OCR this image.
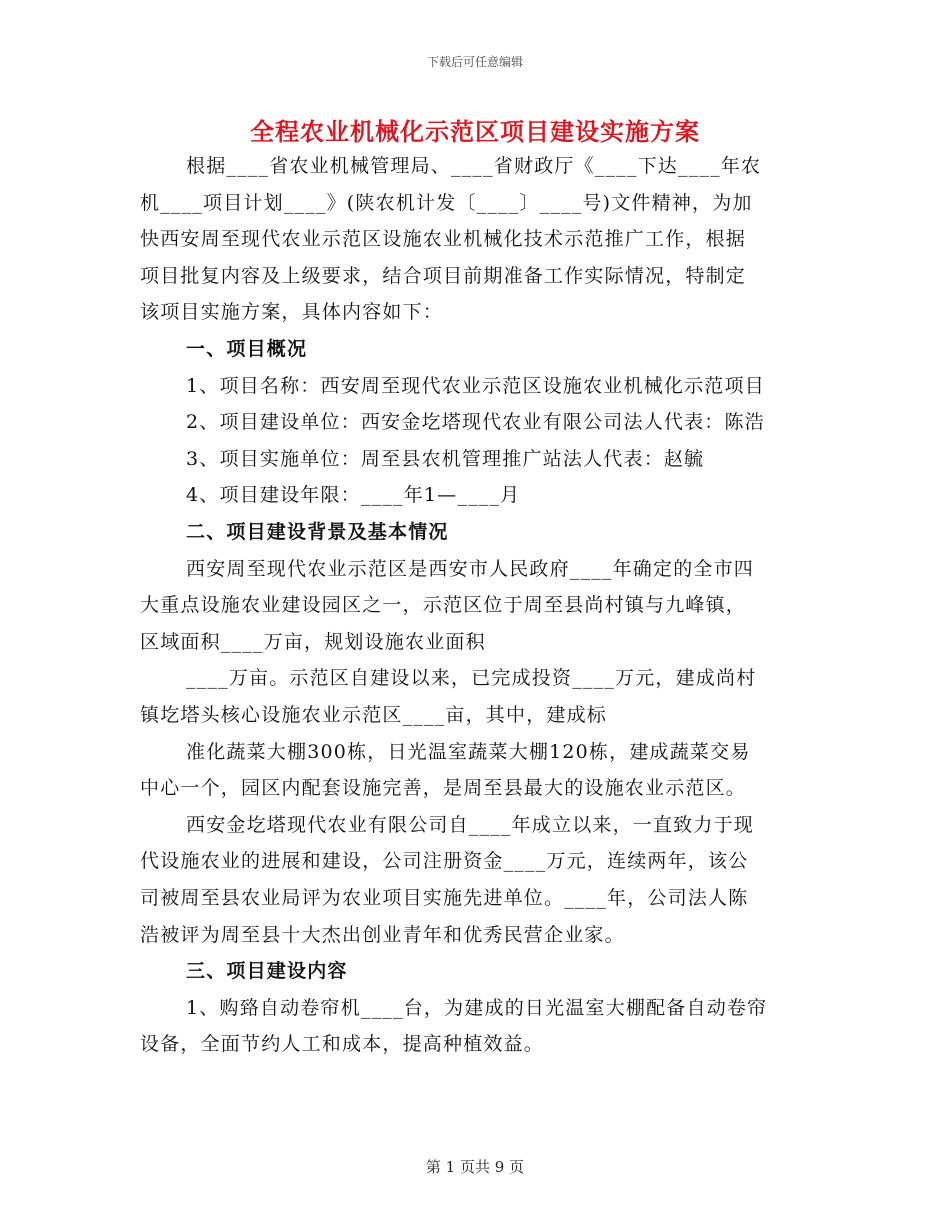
下载后可任意编辑
全程农业机械化示范区项目建设实施方案
根据____省农业机械管理局、____省财政厅《____下达____年农
机____项目计划____》(陕农机计发〔____〕____号)文件精神，为加
快西安周至现代农业示范区设施农业机械化技术示范推广工作，根据
项目批复内容及上级要求，结合项目前期准备工作实际情况，特制定
该项目实施方案，具体内容如下：
一、项目概况
1、项目名称：西安周至现代农业示范区设施农业机械化示范项目
2、项目建设单位：西安金圪塔现代农业有限公司法人代表：陈浩
3、项目实施单位：周至县农机管理推广站法人代表：赵毓
4、项目建设年限：____年1—____月
二、项目建设背景及基本情况
西安周至现代农业示范区是西安市人民政府____年确定的全市四
大重点设施农业建设园区之一，示范区位于周至县尚村镇与九峰镇，
区域面积____万亩，规划设施农业面积
____万亩。示范区自建设以来，已完成投资____万元，建成尚村
镇圪塔头核心设施农业示范区____亩，其中，建成标
准化蔬菜大棚300栋，日光温室蔬菜大棚120栋，建成蔬菜交易
中心一个，园区内配套设施完善，是周至县最大的设施农业示范区。
西安金圪塔现代农业有限公司自____年成立以来，一直致力于现
代设施农业的进展和建设，公司注册资金____万元，连续两年，该公
司被周至县农业局评为农业项目实施先进单位。____年，公司法人陈
浩被评为周至县十大杰出创业青年和优秀民营企业家。
三、项目建设内容
1、购臵自动卷帘机____台，为建成的日光温室大棚配备自动卷帘
设备，全面节约人工和成本，提高种植效益。
第 1 页共 9 页
